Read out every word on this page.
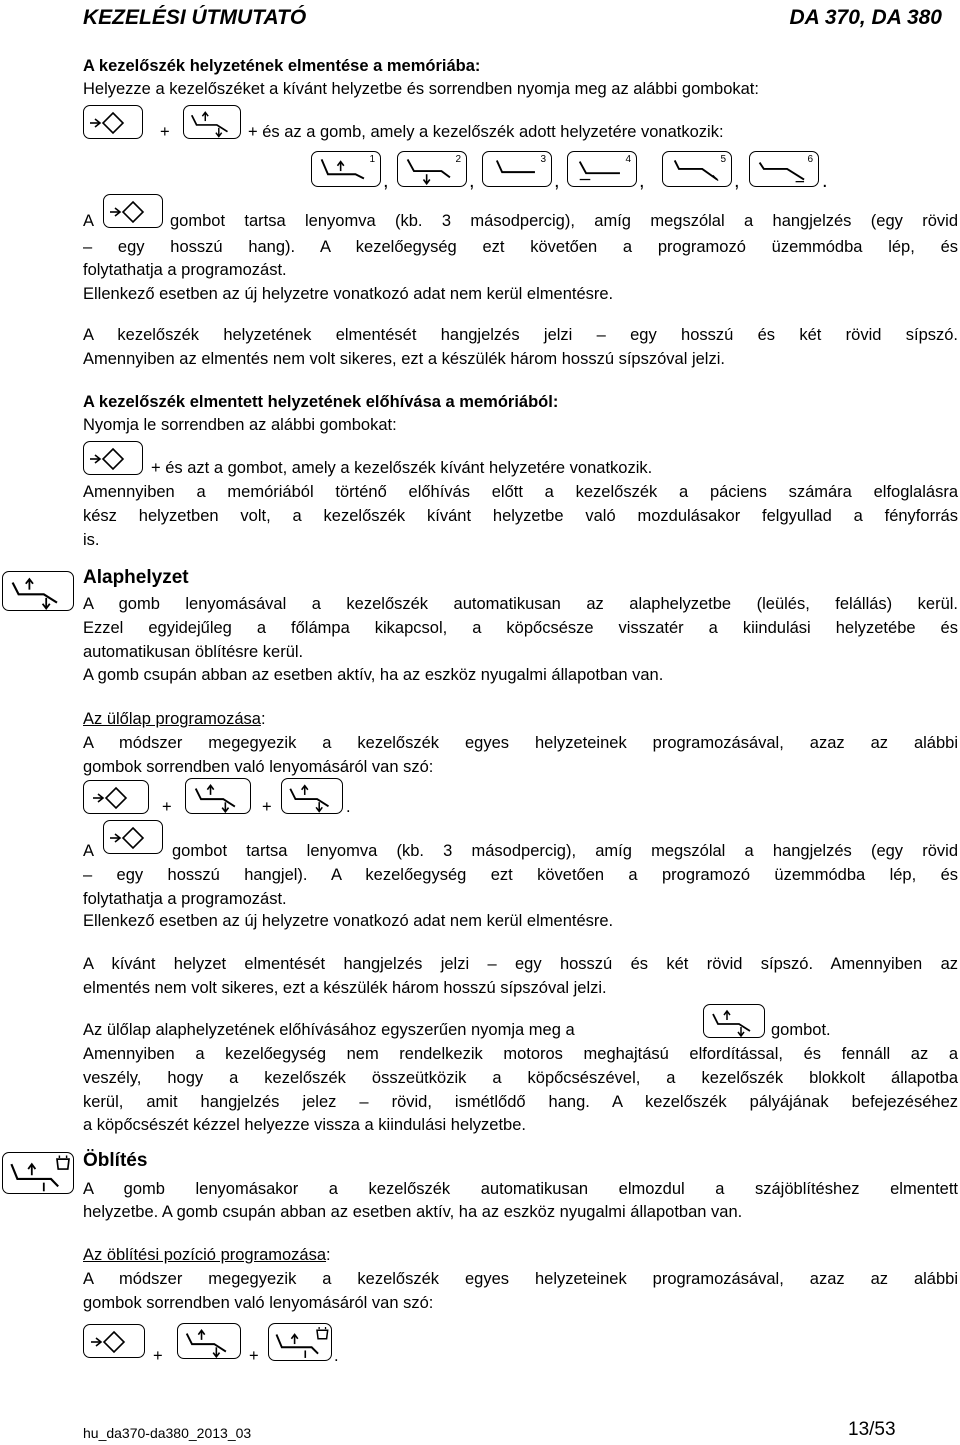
KEZELÉSI ÚTMUTATÓ	DA 370, DA 380
A kezelőszék helyzetének elmentése a memóriába:
Helyezze a kezelőszéket a kívánt helyzetbe és sorrendben nyomja meg az alábbi gombokat:
+	+ és az a gomb, amely a kezelőszék adott helyzetére vonatkozik:
1
,
2
,
3
,
4
,
5
,
6
.
A	gombot tartsa lenyomva (kb. 3 másodpercig), amíg megszólal a hangjelzés (egy rövid
– egy hosszú hang). A kezelőegység ezt követően a programozó üzemmódba lép, és
folytathatja a programozást.
Ellenkező esetben az új helyzetre vonatkozó adat nem kerül elmentésre.
A kezelőszék helyzetének elmentését hangjelzés jelzi – egy hosszú és két rövid sípszó.
Amennyiben az elmentés nem volt sikeres, ezt a készülék három hosszú sípszóval jelzi.
A kezelőszék elmentett helyzetének előhívása a memóriából:
Nyomja le sorrendben az alábbi gombokat:
+ és azt a gombot, amely a kezelőszék kívánt helyzetére vonatkozik.
Amennyiben a memóriából történő előhívás előtt a kezelőszék a páciens számára elfoglalásra
kész helyzetben volt, a kezelőszék kívánt helyzetbe való mozdulásakor felgyullad a fényforrás
is.
Alaphelyzet
A gomb lenyomásával a kezelőszék automatikusan az alaphelyzetbe (leülés, felállás) kerül.
Ezzel egyidejűleg a főlámpa kikapcsol, a köpőcsésze visszatér a kiindulási helyzetébe és
automatikusan öblítésre kerül.
A gomb csupán abban az esetben aktív, ha az eszköz nyugalmi állapotban van.
Az ülőlap programozása:
A módszer megegyezik a kezelőszék egyes helyzeteinek programozásával, azaz az alábbi
gombok sorrendben való lenyomásáról van szó:
+	+	.
A	gombot tartsa lenyomva (kb. 3 másodpercig), amíg megszólal a hangjelzés (egy rövid
– egy hosszú hangjel). A kezelőegység ezt követően a programozó üzemmódba lép, és
folytathatja a programozást.
Ellenkező esetben az új helyzetre vonatkozó adat nem kerül elmentésre.
A kívánt helyzet elmentését hangjelzés jelzi – egy hosszú és két rövid sípszó. Amennyiben az
elmentés nem volt sikeres, ezt a készülék három hosszú sípszóval jelzi.
Az ülőlap alaphelyzetének előhívásához egyszerűen nyomja meg a	gombot.
Amennyiben a kezelőegység nem rendelkezik motoros meghajtású elfordítással, és fennáll az a
veszély, hogy a kezelőszék összeütközik a köpőcsészével, a kezelőszék blokkolt állapotba
kerül, amit hangjelzés jelez – rövid, ismétlődő hang. A kezelőszék pályájának befejezéséhez
a köpőcsészét kézzel helyezze vissza a kiindulási helyzetbe.
Öblítés
A gomb lenyomásakor a kezelőszék automatikusan elmozdul a szájöblítéshez elmentett
helyzetbe. A gomb csupán abban az esetben aktív, ha az eszköz nyugalmi állapotban van.
Az öblítési pozíció programozása:
A módszer megegyezik a kezelőszék egyes helyzeteinek programozásával, azaz az alábbi
gombok sorrendben való lenyomásáról van szó:
+	+	.
hu_da370-da380_2013_03	13/53
